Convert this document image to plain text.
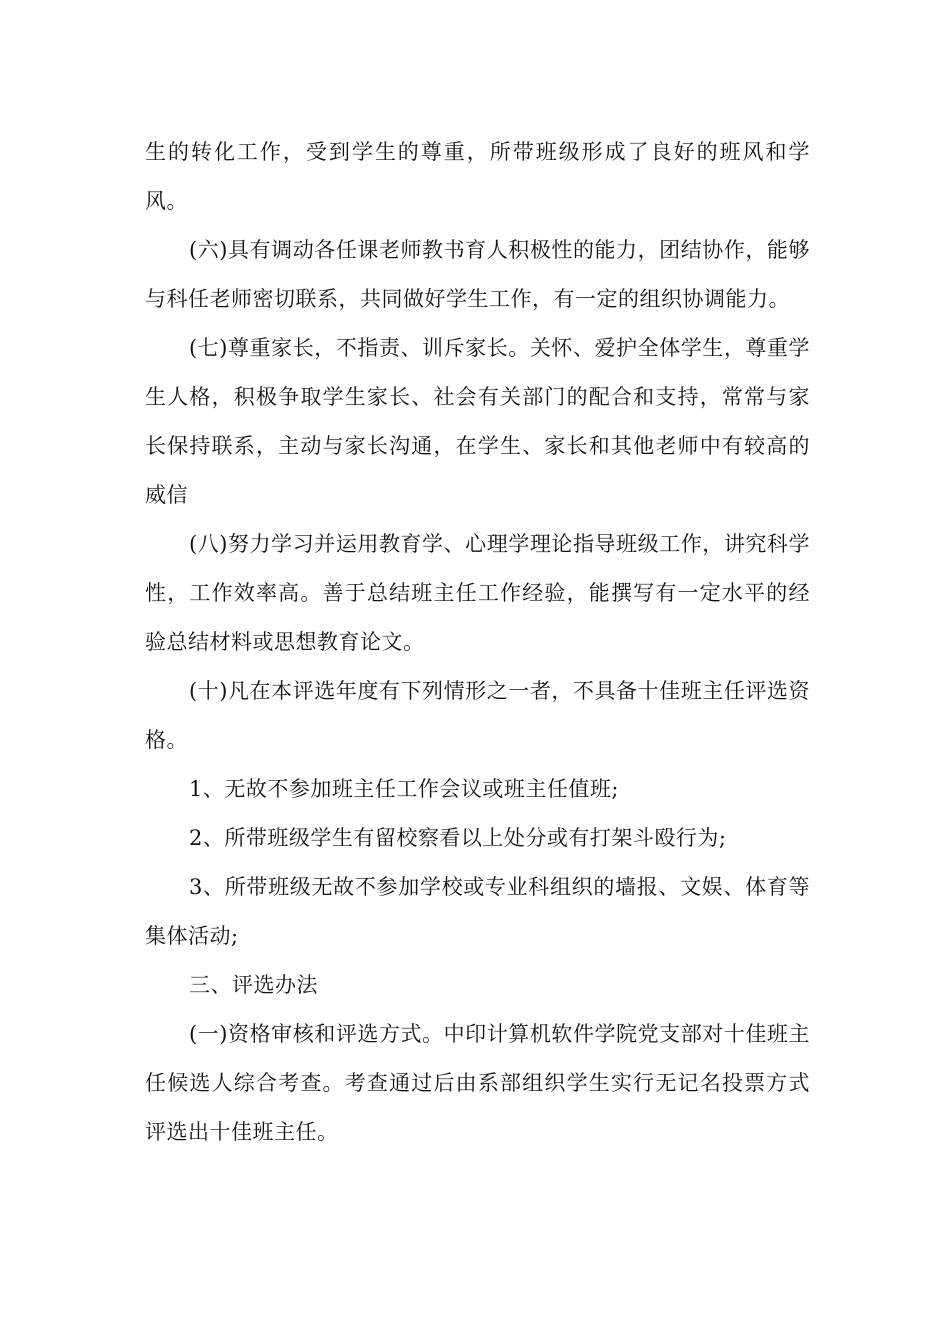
生的转化工作，受到学生的尊重，所带班级形成了良好的班风和学风。

(六)具有调动各任课老师教书育人积极性的能力，团结协作，能够与科任老师密切联系，共同做好学生工作，有一定的组织协调能力。

(七)尊重家长，不指责、训斥家长。关怀、爱护全体学生，尊重学生人格，积极争取学生家长、社会有关部门的配合和支持，常常与家长保持联系，主动与家长沟通，在学生、家长和其他老师中有较高的威信

(八)努力学习并运用教育学、心理学理论指导班级工作，讲究科学性，工作效率高。善于总结班主任工作经验，能撰写有一定水平的经验总结材料或思想教育论文。

(十)凡在本评选年度有下列情形之一者，不具备十佳班主任评选资格。

1、无故不参加班主任工作会议或班主任值班;

2、所带班级学生有留校察看以上处分或有打架斗殴行为;

3、所带班级无故不参加学校或专业科组织的墙报、文娱、体育等集体活动;

三、评选办法

(一)资格审核和评选方式。中印计算机软件学院党支部对十佳班主任候选人综合考查。考查通过后由系部组织学生实行无记名投票方式评选出十佳班主任。
